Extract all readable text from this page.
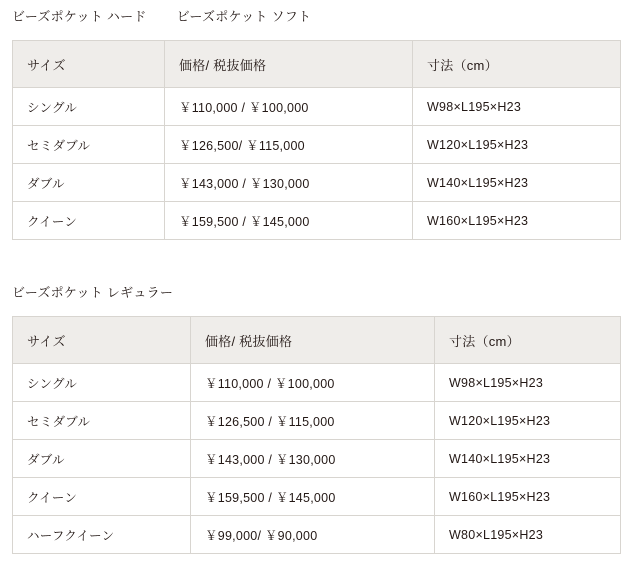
ビーズポケット ハード ビーズポケット ソフト
サイズ	価格/ 税抜価格	寸法（cm）
シングル	￥110,000 / ￥100,000	W98×L195×H23
セミダブル	￥126,500/ ￥115,000	W120×L195×H23
ダブル	￥143,000 / ￥130,000	W140×L195×H23
クイーン	￥159,500 / ￥145,000	W160×L195×H23
ビーズポケット レギュラー
サイズ	価格/ 税抜価格	寸法（cm）
シングル	￥110,000 / ￥100,000	W98×L195×H23
セミダブル	￥126,500 / ￥115,000	W120×L195×H23
ダブル	￥143,000 / ￥130,000	W140×L195×H23
クイーン	￥159,500 / ￥145,000	W160×L195×H23
ハーフクイーン	￥99,000/ ￥90,000	W80×L195×H23
